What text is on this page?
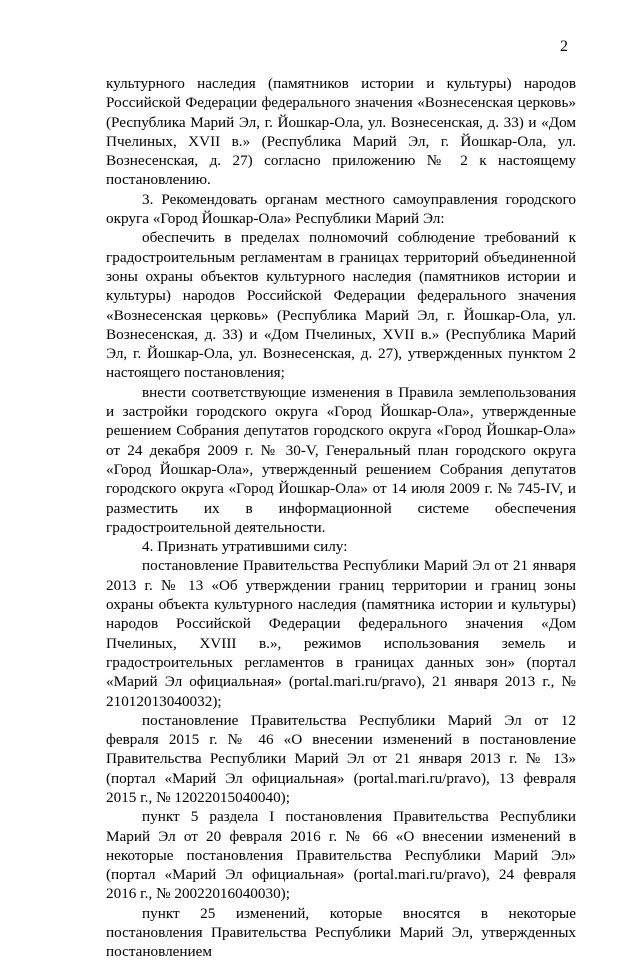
2

культурного наследия (памятников истории и культуры) народов Российской Федерации федерального значения «Вознесенская церковь» (Республика Марий Эл, г. Йошкар-Ола, ул. Вознесенская, д. 33) и «Дом Пчелиных, XVII в.» (Республика Марий Эл, г. Йошкар-Ола, ул. Вознесенская, д. 27) согласно приложению № 2 к настоящему постановлению.

3. Рекомендовать органам местного самоуправления городского округа «Город Йошкар-Ола» Республики Марий Эл:

обеспечить в пределах полномочий соблюдение требований к градостроительным регламентам в границах территорий объединенной зоны охраны объектов культурного наследия (памятников истории и культуры) народов Российской Федерации федерального значения «Вознесенская церковь» (Республика Марий Эл, г. Йошкар-Ола, ул. Вознесенская, д. 33) и «Дом Пчелиных, XVII в.» (Республика Марий Эл, г. Йошкар-Ола, ул. Вознесенская, д. 27), утвержденных пунктом 2 настоящего постановления;

внести соответствующие изменения в Правила землепользования и застройки городского округа «Город Йошкар-Ола», утвержденные решением Собрания депутатов городского округа «Город Йошкар-Ола» от 24 декабря 2009 г. № 30-V, Генеральный план городского округа «Город Йошкар-Ола», утвержденный решением Собрания депутатов городского округа «Город Йошкар-Ола» от 14 июля 2009 г. № 745-IV, и разместить их в информационной системе обеспечения градостроительной деятельности.

4. Признать утратившими силу:

постановление Правительства Республики Марий Эл от 21 января 2013 г. № 13 «Об утверждении границ территории и границ зоны охраны объекта культурного наследия (памятника истории и культуры) народов Российской Федерации федерального значения «Дом Пчелиных, XVIII в.», режимов использования земель и градостроительных регламентов в границах данных зон» (портал «Марий Эл официальная» (portal.mari.ru/pravo), 21 января 2013 г., № 21012013040032);

постановление Правительства Республики Марий Эл от 12 февраля 2015 г. № 46 «О внесении изменений в постановление Правительства Республики Марий Эл от 21 января 2013 г. № 13» (портал «Марий Эл официальная» (portal.mari.ru/pravo), 13 февраля 2015 г., № 12022015040040);

пункт 5 раздела I постановления Правительства Республики Марий Эл от 20 февраля 2016 г. № 66 «О внесении изменений в некоторые постановления Правительства Республики Марий Эл» (портал «Марий Эл официальная» (portal.mari.ru/pravo), 24 февраля 2016 г., № 20022016040030);

пункт 25 изменений, которые вносятся в некоторые постановления Правительства Республики Марий Эл, утвержденных постановлением
